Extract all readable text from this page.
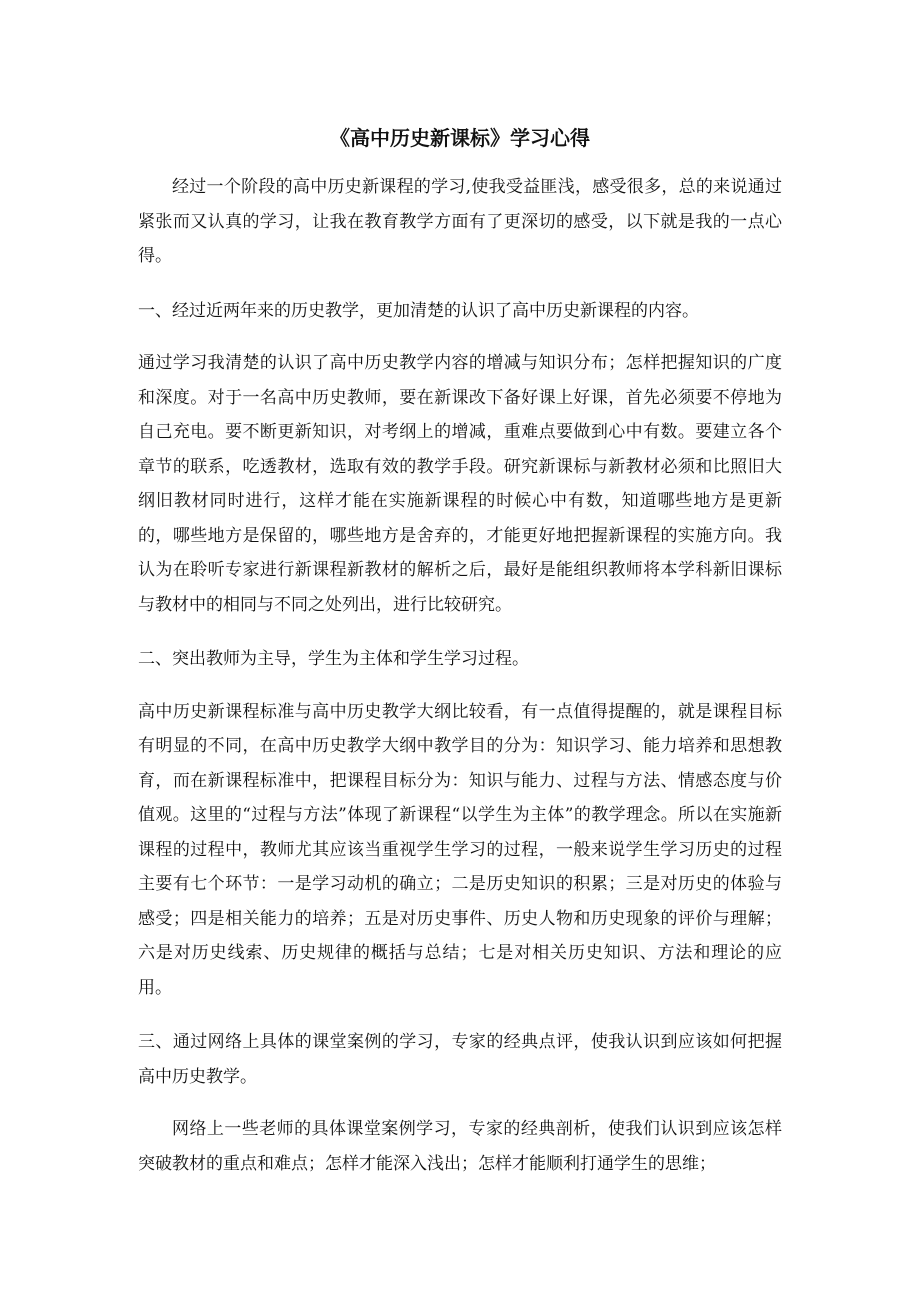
《高中历史新课标》学习心得

经过一个阶段的高中历史新课程的学习,使我受益匪浅，感受很多，总的来说通过紧张而又认真的学习，让我在教育教学方面有了更深切的感受，以下就是我的一点心得。

一、经过近两年来的历史教学，更加清楚的认识了高中历史新课程的内容。

通过学习我清楚的认识了高中历史教学内容的增减与知识分布；怎样把握知识的广度和深度。对于一名高中历史教师，要在新课改下备好课上好课，首先必须要不停地为自己充电。要不断更新知识，对考纲上的增减，重难点要做到心中有数。要建立各个章节的联系，吃透教材，选取有效的教学手段。研究新课标与新教材必须和比照旧大纲旧教材同时进行，这样才能在实施新课程的时候心中有数，知道哪些地方是更新的，哪些地方是保留的，哪些地方是舍弃的，才能更好地把握新课程的实施方向。我认为在聆听专家进行新课程新教材的解析之后，最好是能组织教师将本学科新旧课标与教材中的相同与不同之处列出，进行比较研究。

二、突出教师为主导，学生为主体和学生学习过程。

高中历史新课程标准与高中历史教学大纲比较看，有一点值得提醒的，就是课程目标有明显的不同，在高中历史教学大纲中教学目的分为：知识学习、能力培养和思想教育，而在新课程标准中，把课程目标分为：知识与能力、过程与方法、情感态度与价值观。这里的“过程与方法”体现了新课程“以学生为主体”的教学理念。所以在实施新课程的过程中，教师尤其应该当重视学生学习的过程，一般来说学生学习历史的过程主要有七个环节：一是学习动机的确立；二是历史知识的积累；三是对历史的体验与感受；四是相关能力的培养；五是对历史事件、历史人物和历史现象的评价与理解；六是对历史线索、历史规律的概括与总结；七是对相关历史知识、方法和理论的应用。

三、通过网络上具体的课堂案例的学习，专家的经典点评，使我认识到应该如何把握高中历史教学。

网络上一些老师的具体课堂案例学习，专家的经典剖析，使我们认识到应该怎样突破教材的重点和难点；怎样才能深入浅出；怎样才能顺利打通学生的思维；
